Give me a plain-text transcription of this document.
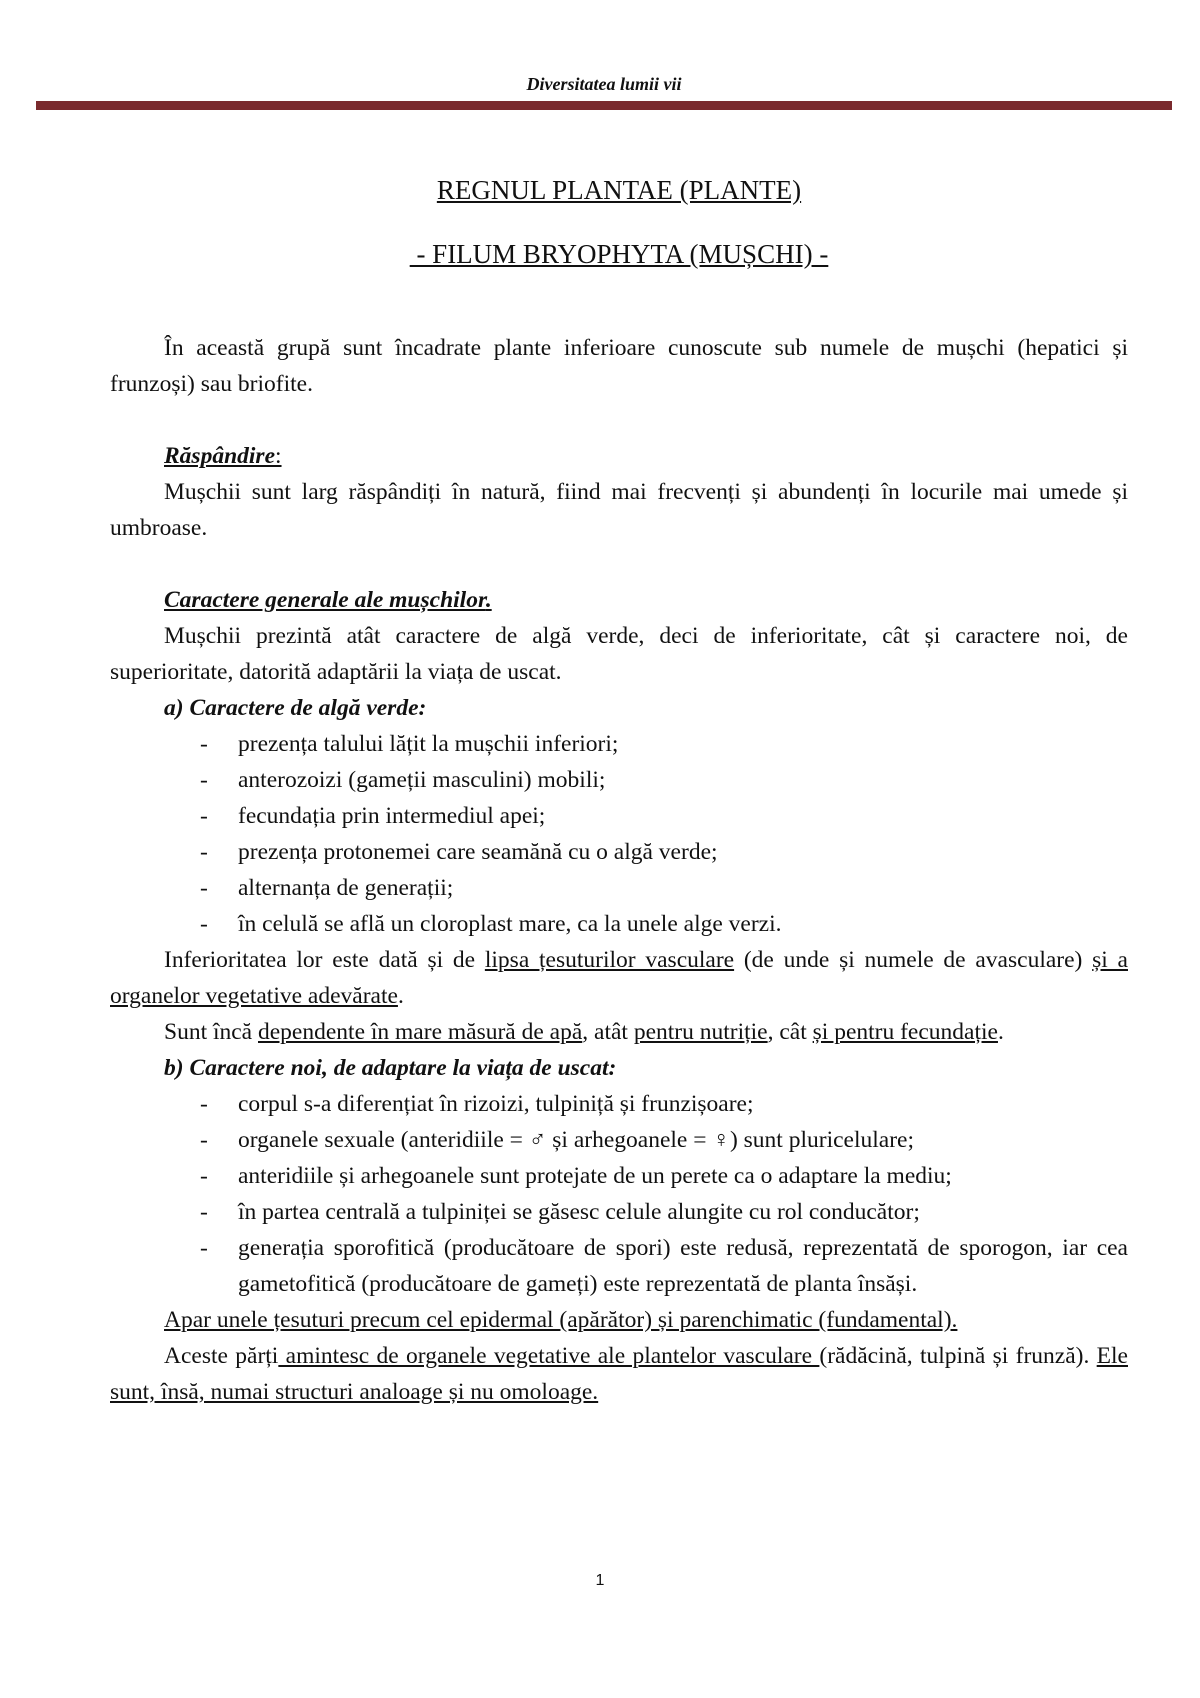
Diversitatea lumii vii
REGNUL PLANTAE (PLANTE)
- FILUM BRYOPHYTA (MUȘCHI) -

În această grupă sunt încadrate plante inferioare cunoscute sub numele de mușchi (hepatici și frunzoși) sau briofite.

Răspândire:

Mușchii sunt larg răspândiți în natură, fiind mai frecvenți și abundenți în locurile mai umede și umbroase.

Caractere generale ale mușchilor.

Mușchii prezintă atât caractere de algă verde, deci de inferioritate, cât și caractere noi, de superioritate, datorită adaptării la viața de uscat.

a) Caractere de algă verde:

- prezența talului lățit la mușchii inferiori;
- anterozoizi (gameții masculini) mobili;
- fecundația prin intermediul apei;
- prezența protonemei care seamănă cu o algă verde;
- alternanța de generații;
- în celulă se află un cloroplast mare, ca la unele alge verzi.

Inferioritatea lor este dată și de lipsa țesuturilor vasculare (de unde și numele de avasculare) și a organelor vegetative adevărate.

Sunt încă dependente în mare măsură de apă, atât pentru nutriție, cât și pentru fecundație.

b) Caractere noi, de adaptare la viața de uscat:

- corpul s-a diferențiat în rizoizi, tulpiniță și frunzișoare;
- organele sexuale (anteridiile = ♂ și arhegoanele = ♀) sunt pluricelulare;
- anteridiile și arhegoanele sunt protejate de un perete ca o adaptare la mediu;
- în partea centrală a tulpiniței se găsesc celule alungite cu rol conducător;
- generația sporofitică (producătoare de spori) este redusă, reprezentată de sporogon, iar cea gametofitică (producătoare de gameți) este reprezentată de planta însăși.

Apar unele țesuturi precum cel epidermal (apărător) și parenchimatic (fundamental).

Aceste părți amintesc de organele vegetative ale plantelor vasculare (rădăcină, tulpină și frunză). Ele sunt, însă, numai structuri analoage și nu omoloage.

1
